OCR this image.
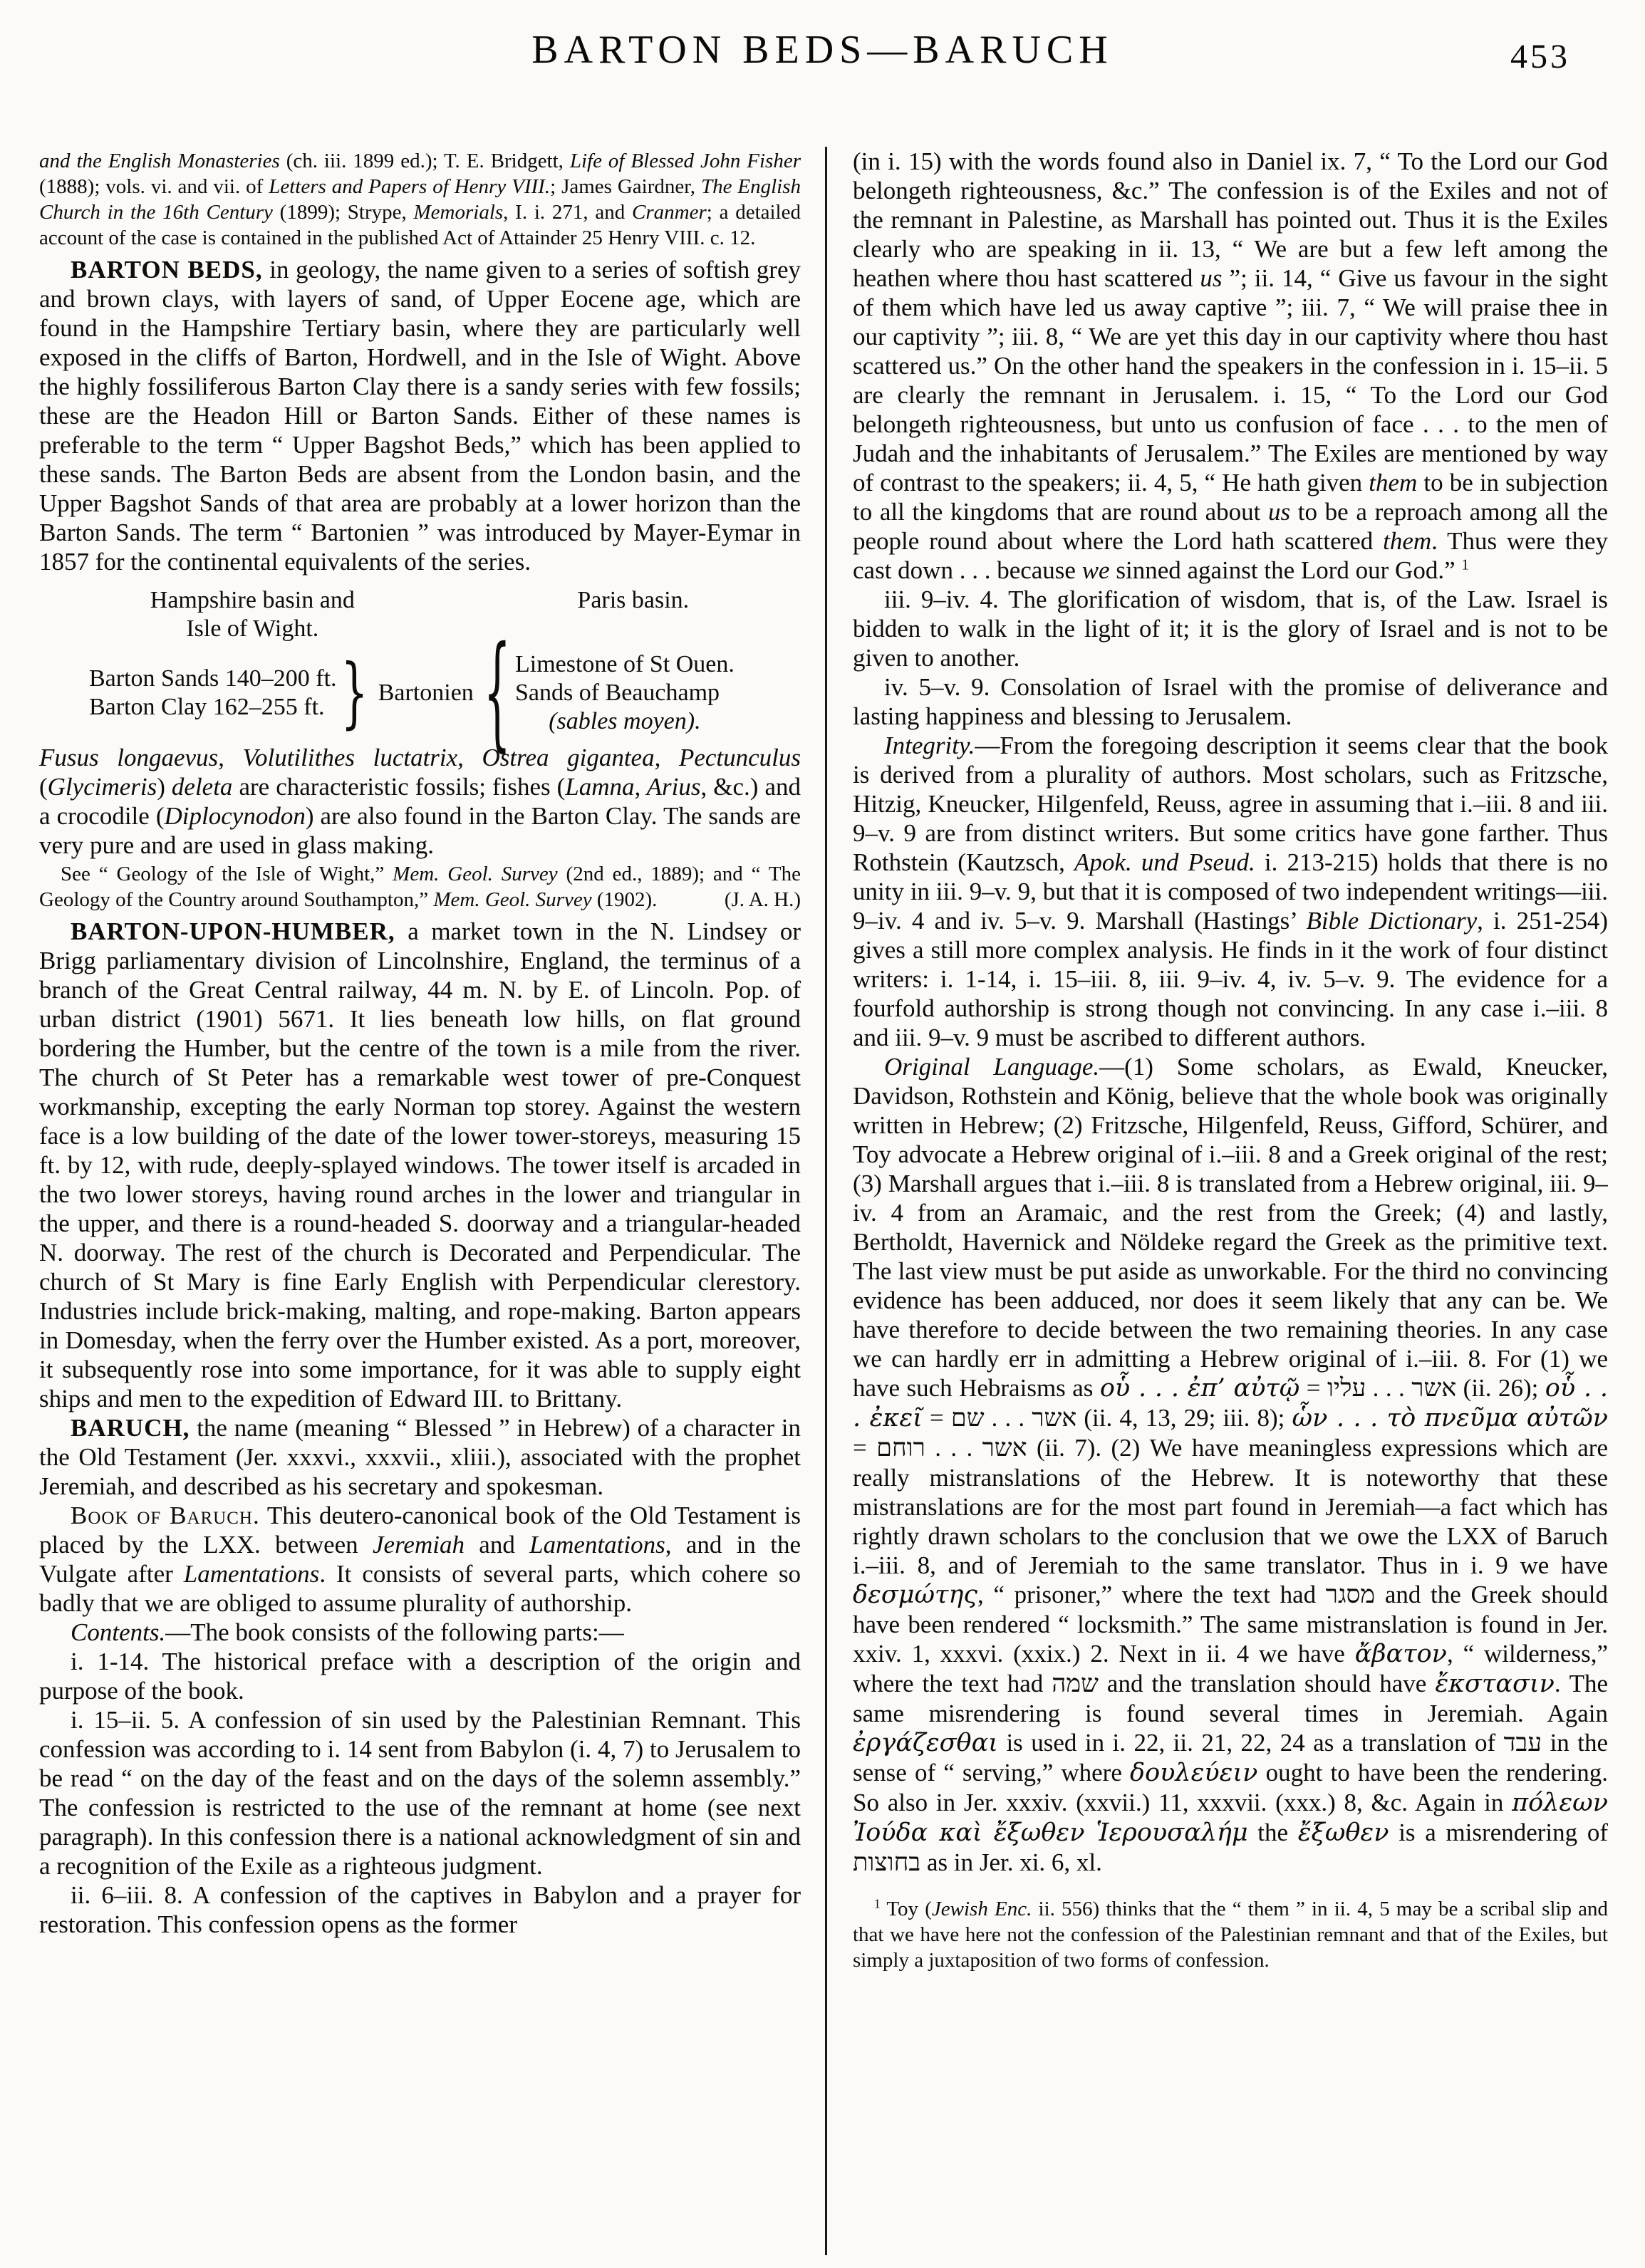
BARTON BEDS—BARUCH	453

and the English Monasteries (ch. iii. 1899 ed.); T. E. Bridgett, Life of Blessed John Fisher (1888); vols. vi. and vii. of Letters and Papers of Henry VIII.; James Gairdner, The English Church in the 16th Century (1899); Strype, Memorials, I. i. 271, and Cranmer; a detailed account of the case is contained in the published Act of Attainder 25 Henry VIII. c. 12.

BARTON BEDS, in geology, the name given to a series of softish grey and brown clays, with layers of sand, of Upper Eocene age, which are found in the Hampshire Tertiary basin, where they are particularly well exposed in the cliffs of Barton, Hordwell, and in the Isle of Wight. Above the highly fossiliferous Barton Clay there is a sandy series with few fossils; these are the Headon Hill or Barton Sands. Either of these names is preferable to the term “ Upper Bagshot Beds,” which has been applied to these sands. The Barton Beds are absent from the London basin, and the Upper Bagshot Sands of that area are probably at a lower horizon than the Barton Sands. The term “ Bartonien ” was introduced by Mayer-Eymar in 1857 for the continental equivalents of the series.

Hampshire basin and
Isle of Wight.
Paris basin.
Barton Sands 140–200 ft.
Barton Clay 162–255 ft. } Bartonien { Limestone of St Ouen.
Sands of Beauchamp
(sables moyen).

Fusus longaevus, Volutilithes luctatrix, Ostrea gigantea, Pectunculus (Glycimeris) deleta are characteristic fossils; fishes (Lamna, Arius, &c.) and a crocodile (Diplocynodon) are also found in the Barton Clay. The sands are very pure and are used in glass making.

See “ Geology of the Isle of Wight,” Mem. Geol. Survey (2nd ed., 1889); and “ The Geology of the Country around Southampton,” Mem. Geol. Survey (1902).	(J. A. H.)

BARTON-UPON-HUMBER, a market town in the N. Lindsey or Brigg parliamentary division of Lincolnshire, England, the terminus of a branch of the Great Central railway, 44 m. N. by E. of Lincoln. Pop. of urban district (1901) 5671. It lies beneath low hills, on flat ground bordering the Humber, but the centre of the town is a mile from the river. The church of St Peter has a remarkable west tower of pre-Conquest workmanship, excepting the early Norman top storey. Against the western face is a low building of the date of the lower tower-storeys, measuring 15 ft. by 12, with rude, deeply-splayed windows. The tower itself is arcaded in the two lower storeys, having round arches in the lower and triangular in the upper, and there is a round-headed S. doorway and a triangular-headed N. doorway. The rest of the church is Decorated and Perpendicular. The church of St Mary is fine Early English with Perpendicular clerestory. Industries include brick-making, malting, and rope-making. Barton appears in Domesday, when the ferry over the Humber existed. As a port, moreover, it subsequently rose into some importance, for it was able to supply eight ships and men to the expedition of Edward III. to Brittany.

BARUCH, the name (meaning “ Blessed ” in Hebrew) of a character in the Old Testament (Jer. xxxvi., xxxvii., xliii.), associated with the prophet Jeremiah, and described as his secretary and spokesman.

Book of Baruch. This deutero-canonical book of the Old Testament is placed by the LXX. between Jeremiah and Lamentations, and in the Vulgate after Lamentations. It consists of several parts, which cohere so badly that we are obliged to assume plurality of authorship.

Contents.—The book consists of the following parts:—

i. 1-14. The historical preface with a description of the origin and purpose of the book.

i. 15–ii. 5. A confession of sin used by the Palestinian Remnant. This confession was according to i. 14 sent from Babylon (i. 4, 7) to Jerusalem to be read “ on the day of the feast and on the days of the solemn assembly.” The confession is restricted to the use of the remnant at home (see next paragraph). In this confession there is a national acknowledgment of sin and a recognition of the Exile as a righteous judgment.

ii. 6–iii. 8. A confession of the captives in Babylon and a prayer for restoration. This confession opens as the former

(in i. 15) with the words found also in Daniel ix. 7, “ To the Lord our God belongeth righteousness, &c.” The confession is of the Exiles and not of the remnant in Palestine, as Marshall has pointed out. Thus it is the Exiles clearly who are speaking in ii. 13, “ We are but a few left among the heathen where thou hast scattered us ”; ii. 14, “ Give us favour in the sight of them which have led us away captive ”; iii. 7, “ We will praise thee in our captivity ”; iii. 8, “ We are yet this day in our captivity where thou hast scattered us.” On the other hand the speakers in the confession in i. 15–ii. 5 are clearly the remnant in Jerusalem. i. 15, “ To the Lord our God belongeth righteousness, but unto us confusion of face . . . to the men of Judah and the inhabitants of Jerusalem.” The Exiles are mentioned by way of contrast to the speakers; ii. 4, 5, “ He hath given them to be in subjection to all the kingdoms that are round about us to be a reproach among all the people round about where the Lord hath scattered them. Thus were they cast down . . . because we sinned against the Lord our God.” $^1$

iii. 9–iv. 4. The glorification of wisdom, that is, of the Law. Israel is bidden to walk in the light of it; it is the glory of Israel and is not to be given to another.

iv. 5–v. 9. Consolation of Israel with the promise of deliverance and lasting happiness and blessing to Jerusalem.

Integrity.—From the foregoing description it seems clear that the book is derived from a plurality of authors. Most scholars, such as Fritzsche, Hitzig, Kneucker, Hilgenfeld, Reuss, agree in assuming that i.–iii. 8 and iii. 9–v. 9 are from distinct writers. But some critics have gone farther. Thus Rothstein (Kautzsch, Apok. und Pseud. i. 213-215) holds that there is no unity in iii. 9–v. 9, but that it is composed of two independent writings—iii. 9–iv. 4 and iv. 5–v. 9. Marshall (Hastings’ Bible Dictionary, i. 251-254) gives a still more complex analysis. He finds in it the work of four distinct writers: i. 1-14, i. 15–iii. 8, iii. 9–iv. 4, iv. 5–v. 9. The evidence for a fourfold authorship is strong though not convincing. In any case i.–iii. 8 and iii. 9–v. 9 must be ascribed to different authors.

Original Language.—(1) Some scholars, as Ewald, Kneucker, Davidson, Rothstein and König, believe that the whole book was originally written in Hebrew; (2) Fritzsche, Hilgenfeld, Reuss, Gifford, Schürer, and Toy advocate a Hebrew original of i.–iii. 8 and a Greek original of the rest; (3) Marshall argues that i.–iii. 8 is translated from a Hebrew original, iii. 9–iv. 4 from an Aramaic, and the rest from the Greek; (4) and lastly, Bertholdt, Havernick and Nöldeke regard the Greek as the primitive text. The last view must be put aside as unworkable. For the third no convincing evidence has been adduced, nor does it seem likely that any can be. We have therefore to decide between the two remaining theories. In any case we can hardly err in admitting a Hebrew original of i.–iii. 8. For (1) we have such Hebraisms as οὗ . . . ἐπ’ αὐτῷ = עליו . . . אשר (ii. 26); οὗ . . . ἐκεῖ = שם . . . אשר (ii. 4, 13, 29; iii. 8); ὧν . . . τὸ πνεῦμα αὐτῶν = רוחם . . . אשר (ii. 7). (2) We have meaningless expressions which are really mistranslations of the Hebrew. It is noteworthy that these mistranslations are for the most part found in Jeremiah—a fact which has rightly drawn scholars to the conclusion that we owe the LXX of Baruch i.–iii. 8, and of Jeremiah to the same translator. Thus in i. 9 we have δεσμώτης, “ prisoner,” where the text had מסגר and the Greek should have been rendered “ locksmith.” The same mistranslation is found in Jer. xxiv. 1, xxxvi. (xxix.) 2. Next in ii. 4 we have ἄβατον, “ wilderness,” where the text had שמה and the translation should have ἔκστασιν. The same misrendering is found several times in Jeremiah. Again ἐργάζεσθαι is used in i. 22, ii. 21, 22, 24 as a translation of עבד in the sense of “ serving,” where δουλεύειν ought to have been the rendering. So also in Jer. xxxiv. (xxvii.) 11, xxxvii. (xxx.) 8, &c. Again in πόλεων Ἰούδα καὶ ἔξωθεν Ἱερουσαλήμ the ἔξωθεν is a misrendering of בחוצות as in Jer. xi. 6, xl.

$^1$ Toy (Jewish Enc. ii. 556) thinks that the “ them ” in ii. 4, 5 may be a scribal slip and that we have here not the confession of the Palestinian remnant and that of the Exiles, but simply a juxtaposition of two forms of confession.
